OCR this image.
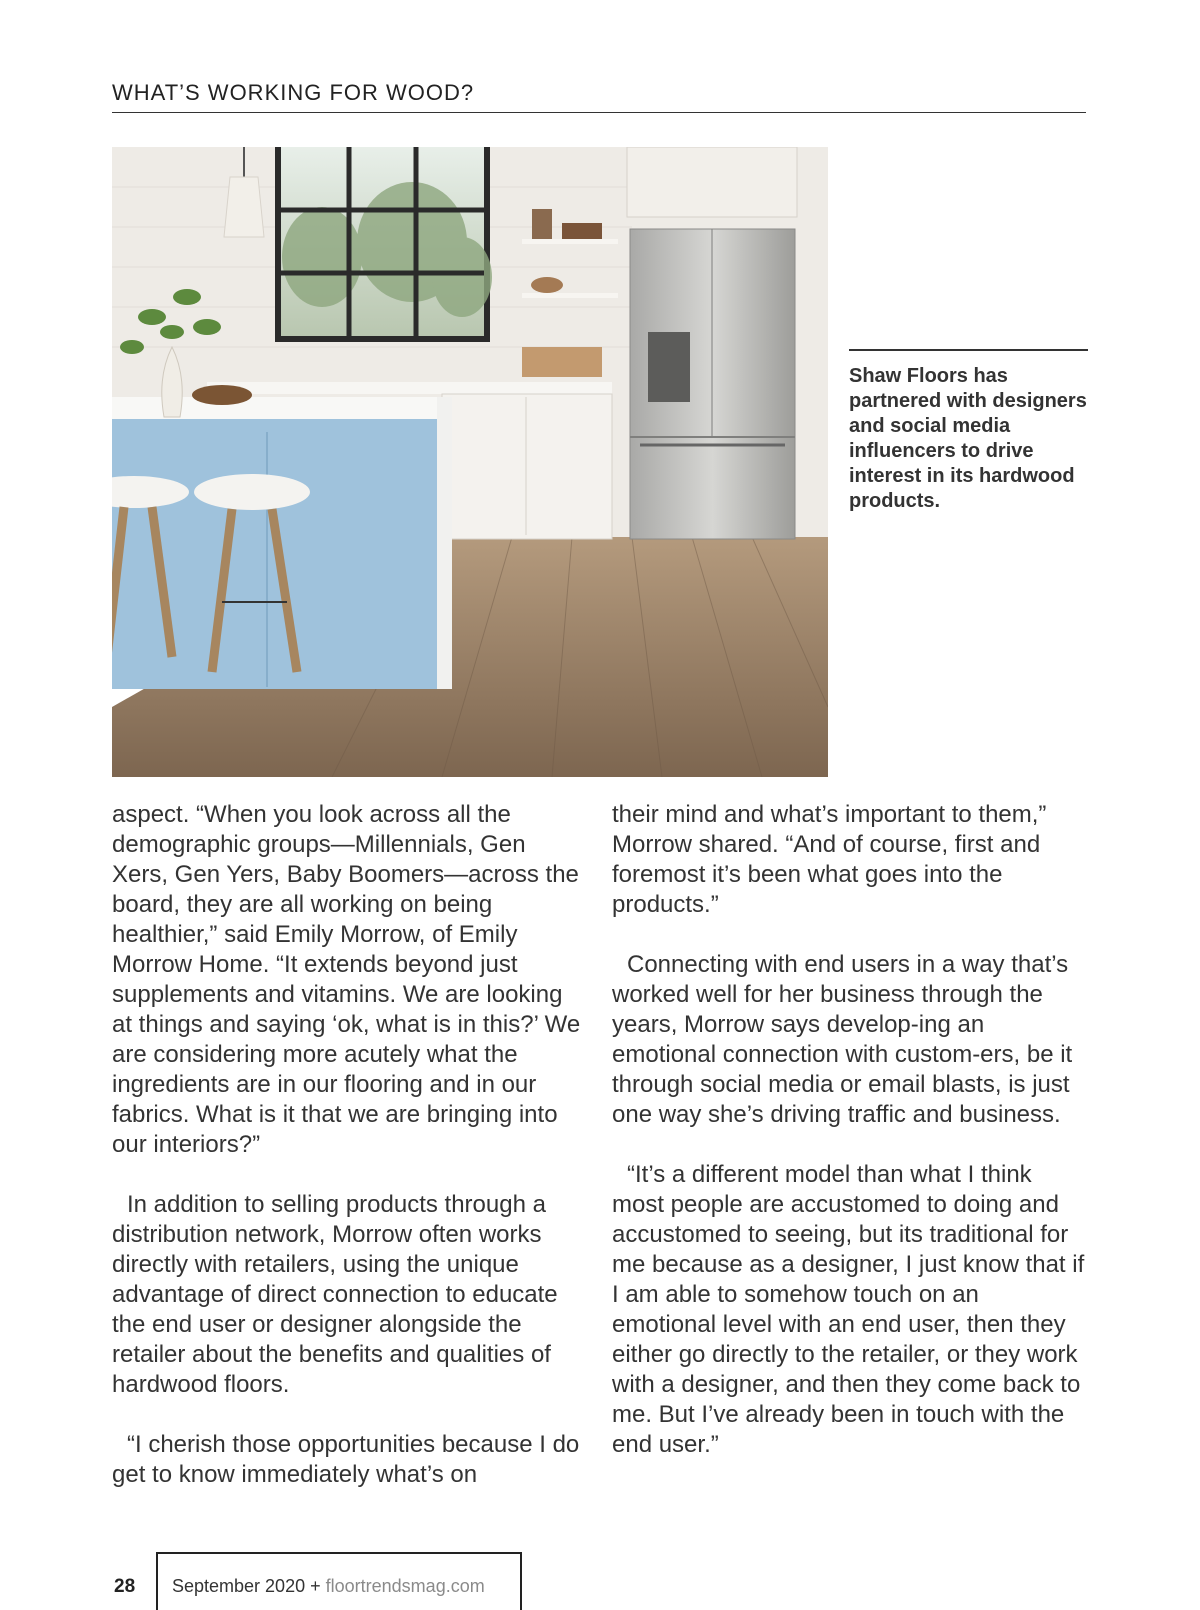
WHAT’S WORKING FOR WOOD?
Shaw Floors has partnered with designers and social media influencers to drive interest in its hardwood products.

aspect. “When you look across all the demographic groups—Millennials, Gen Xers, Gen Yers, Baby Boomers—across the board, they are all working on being healthier,” said Emily Morrow, of Emily Morrow Home. “It extends beyond just supplements and vitamins. We are looking at things and saying ‘ok, what is in this?’ We are considering more acutely what the ingredients are in our flooring and in our fabrics. What is it that we are bringing into our interiors?”

In addition to selling products through a distribution network, Morrow often works directly with retailers, using the unique advantage of direct connection to educate the end user or designer alongside the retailer about the benefits and qualities of hardwood floors.

“I cherish those opportunities because I do get to know immediately what’s on

their mind and what’s important to them,” Morrow shared. “And of course, first and foremost it’s been what goes into the products.”

Connecting with end users in a way that’s worked well for her business through the years, Morrow says develop-ing an emotional connection with custom-ers, be it through social media or email blasts, is just one way she’s driving traffic and business.

“It’s a different model than what I think most people are accustomed to doing and accustomed to seeing, but its traditional for me because as a designer, I just know that if I am able to somehow touch on an emotional level with an end user, then they either go directly to the retailer, or they work with a designer, and then they come back to me. But I’ve already been in touch with the end user.”

28 September 2020 + floortrendsmag.com
